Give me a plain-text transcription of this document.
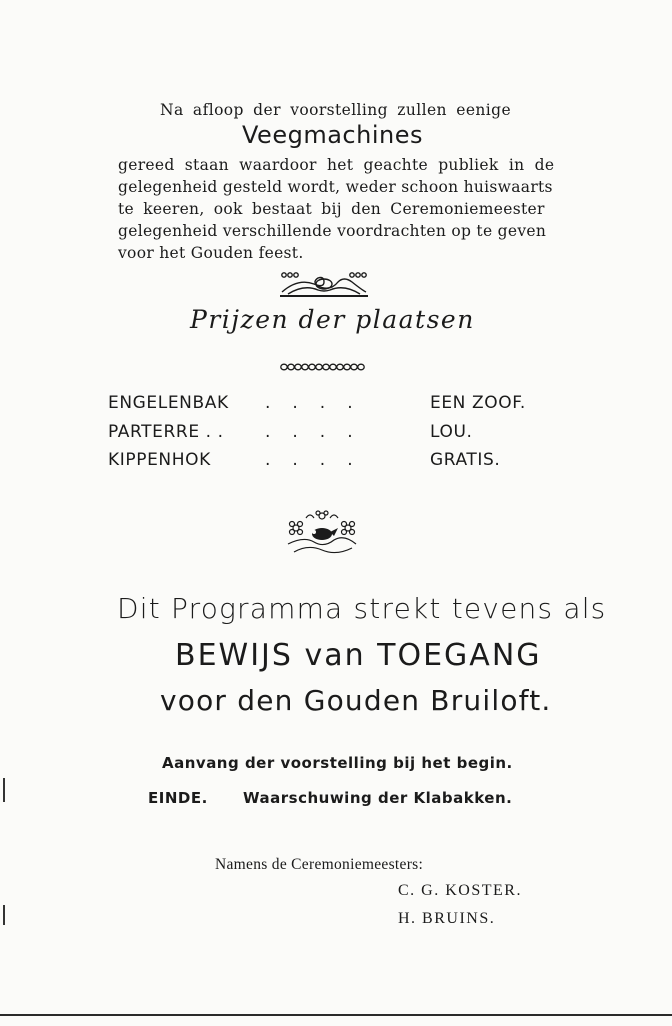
Na afloop der voorstelling zullen eenige
Veegmachines
gereed staan waardoor het geachte publiek in de
gelegenheid gesteld wordt, weder schoon huiswaarts
te keeren, ook bestaat bij den Ceremoniemeester
gelegenheid verschillende voordrachten op te geven
voor het Gouden feest.
Prijzen der plaatsen
ENGELENBAK ....	EEN ZOOF.
PARTERRE . . ....	LOU.
KIPPENHOK	....	GRATIS.
Dit Programma strekt tevens als
BEWIJS van TOEGANG
voor den Gouden Bruiloft.
Aanvang der voorstelling bij het begin.
EINDE. Waarschuwing der Klabakken.
Namens de Ceremoniemeesters:
C. G. KOSTER.
H. BRUINS.
